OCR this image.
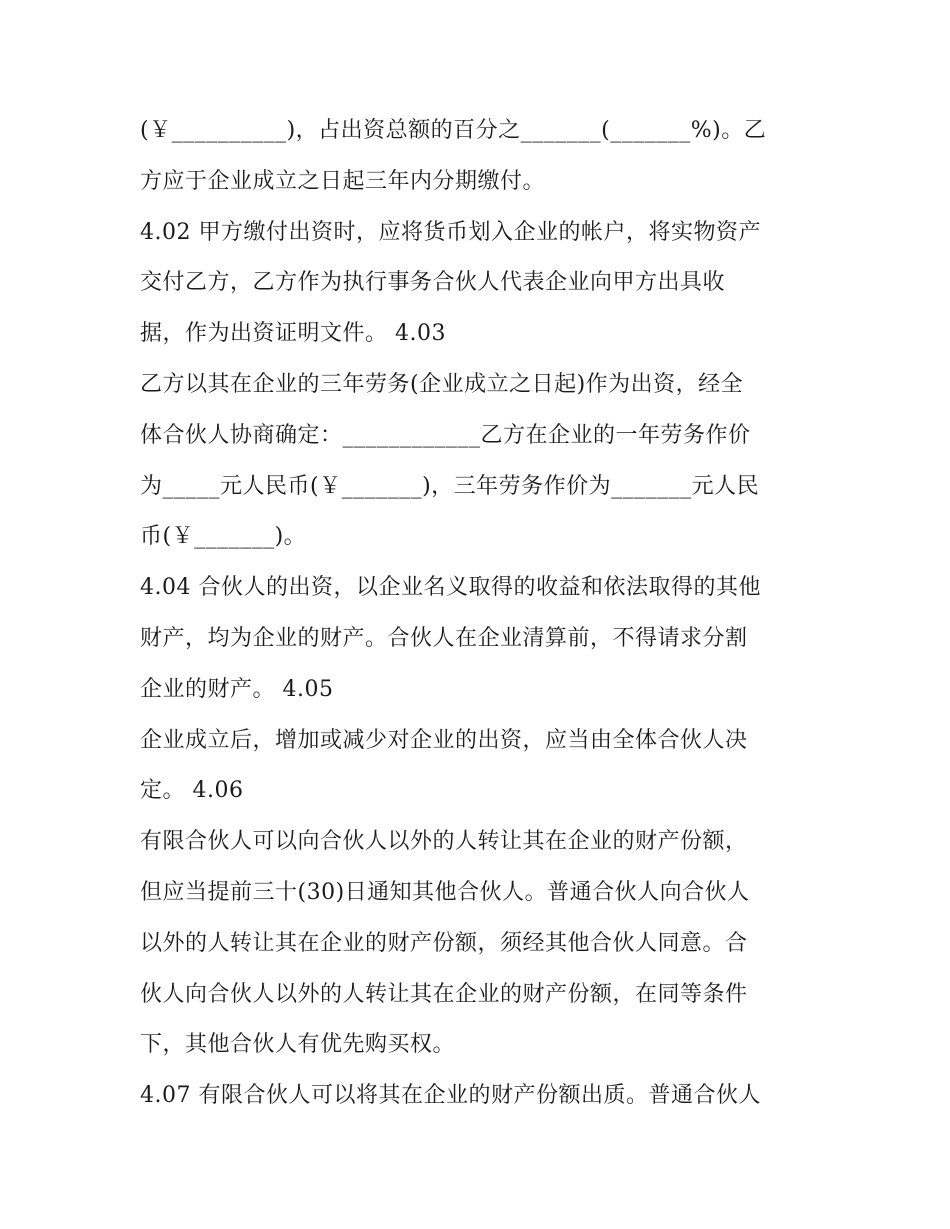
(￥__________)，占出资总额的百分之_______(_______%)。乙
方应于企业成立之日起三年内分期缴付。
4.02 甲方缴付出资时，应将货币划入企业的帐户，将实物资产
交付乙方，乙方作为执行事务合伙人代表企业向甲方出具收
据，作为出资证明文件。 4.03
乙方以其在企业的三年劳务(企业成立之日起)作为出资，经全
体合伙人协商确定：____________乙方在企业的一年劳务作价
为_____元人民币(￥_______)，三年劳务作价为_______元人民
币(￥_______)。
4.04 合伙人的出资，以企业名义取得的收益和依法取得的其他
财产，均为企业的财产。合伙人在企业清算前，不得请求分割
企业的财产。 4.05
企业成立后，增加或减少对企业的出资，应当由全体合伙人决
定。 4.06
有限合伙人可以向合伙人以外的人转让其在企业的财产份额，
但应当提前三十(30)日通知其他合伙人。普通合伙人向合伙人
以外的人转让其在企业的财产份额，须经其他合伙人同意。合
伙人向合伙人以外的人转让其在企业的财产份额，在同等条件
下，其他合伙人有优先购买权。
4.07 有限合伙人可以将其在企业的财产份额出质。普通合伙人
